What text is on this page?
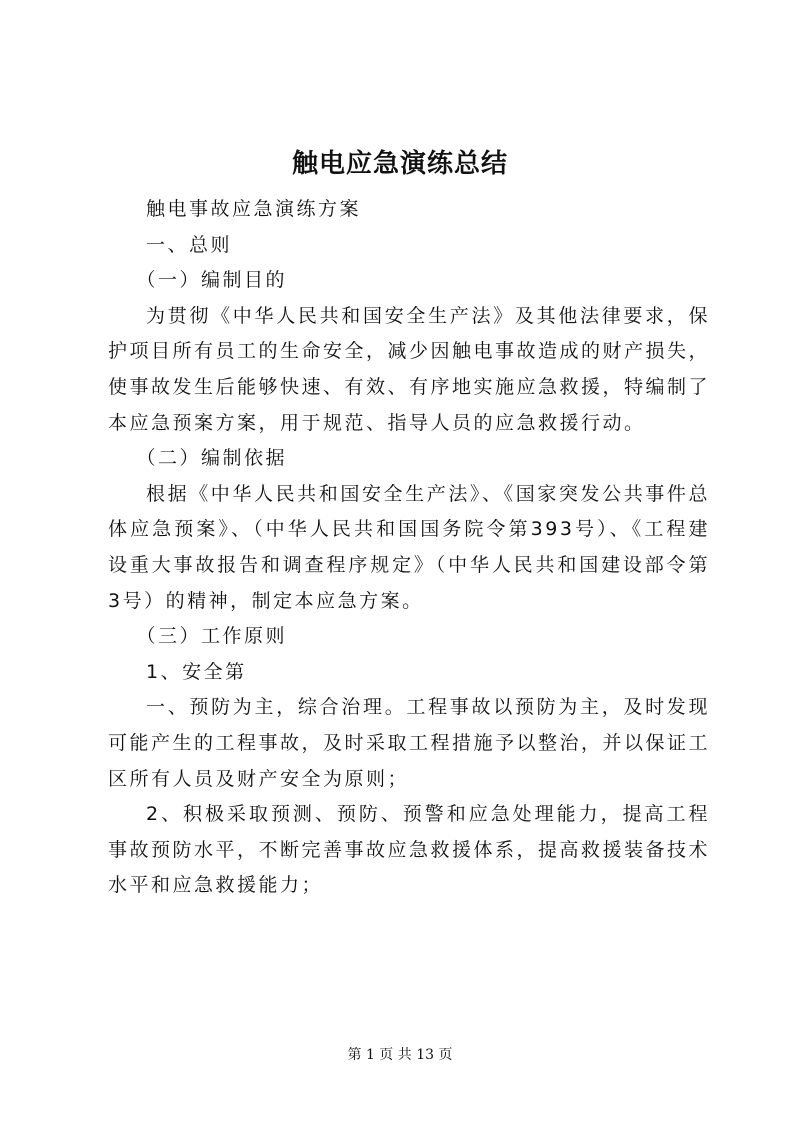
触电应急演练总结

触电事故应急演练方案

一、总则

（一）编制目的

为贯彻《中华人民共和国安全生产法》及其他法律要求，保护项目所有员工的生命安全，减少因触电事故造成的财产损失，使事故发生后能够快速、有效、有序地实施应急救援，特编制了本应急预案方案，用于规范、指导人员的应急救援行动。

（二）编制依据

根据《中华人民共和国安全生产法》、《国家突发公共事件总体应急预案》、（中华人民共和国国务院令第393号）、《工程建设重大事故报告和调查程序规定》（中华人民共和国建设部令第3号）的精神，制定本应急方案。

（三）工作原则

1、安全第

一、预防为主，综合治理。工程事故以预防为主，及时发现可能产生的工程事故，及时采取工程措施予以整治，并以保证工区所有人员及财产安全为原则；

2、积极采取预测、预防、预警和应急处理能力，提高工程事故预防水平，不断完善事故应急救援体系，提高救援装备技术水平和应急救援能力；

第 1 页 共 13 页
